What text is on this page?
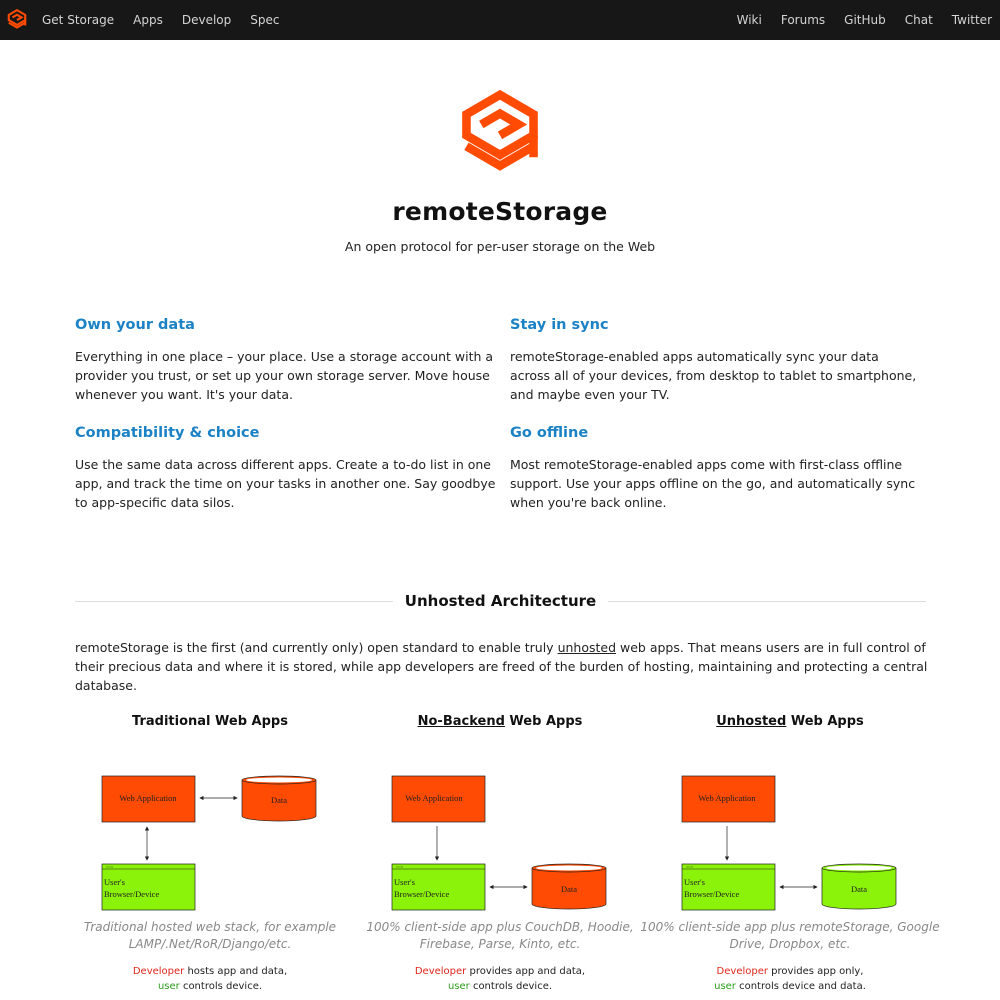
Get Storage Apps Develop Spec	Wiki Forums GitHub Chat Twitter
remoteStorage

An open protocol for per-user storage on the Web

Own your data

Everything in one place – your place. Use a storage account with a provider you trust, or set up your own storage server. Move house whenever you want. It's your data.

Stay in sync

remoteStorage-enabled apps automatically sync your data across all of your devices, from desktop to tablet to smartphone, and maybe even your TV.

Compatibility & choice

Use the same data across different apps. Create a to-do list in one app, and track the time on your tasks in another one. Say goodbye to app-specific data silos.

Go offline

Most remoteStorage-enabled apps come with first-class offline support. Use your apps offline on the go, and automatically sync when you're back online.

Unhosted Architecture

remoteStorage is the first (and currently only) open standard to enable truly unhosted web apps. That means users are in full control of their precious data and where it is stored, while app developers are freed of the burden of hosting, maintaining and protecting a central database.

Traditional Web Apps
Web Application	Data
○○○
User's
Browser/Device

Traditional hosted web stack, for example LAMP/.Net/RoR/Django/etc.

Developer hosts app and data,
user controls device.

No-Backend Web Apps
Web Application
○○○
User's
Browser/Device	Data

100% client-side app plus CouchDB, Hoodie, Firebase, Parse, Kinto, etc.

Developer provides app and data,
user controls device.

Unhosted Web Apps
Web Application
○○○
User's
Browser/Device	Data

100% client-side app plus remoteStorage, Google Drive, Dropbox, etc.

Developer provides app only,
user controls device and data.
